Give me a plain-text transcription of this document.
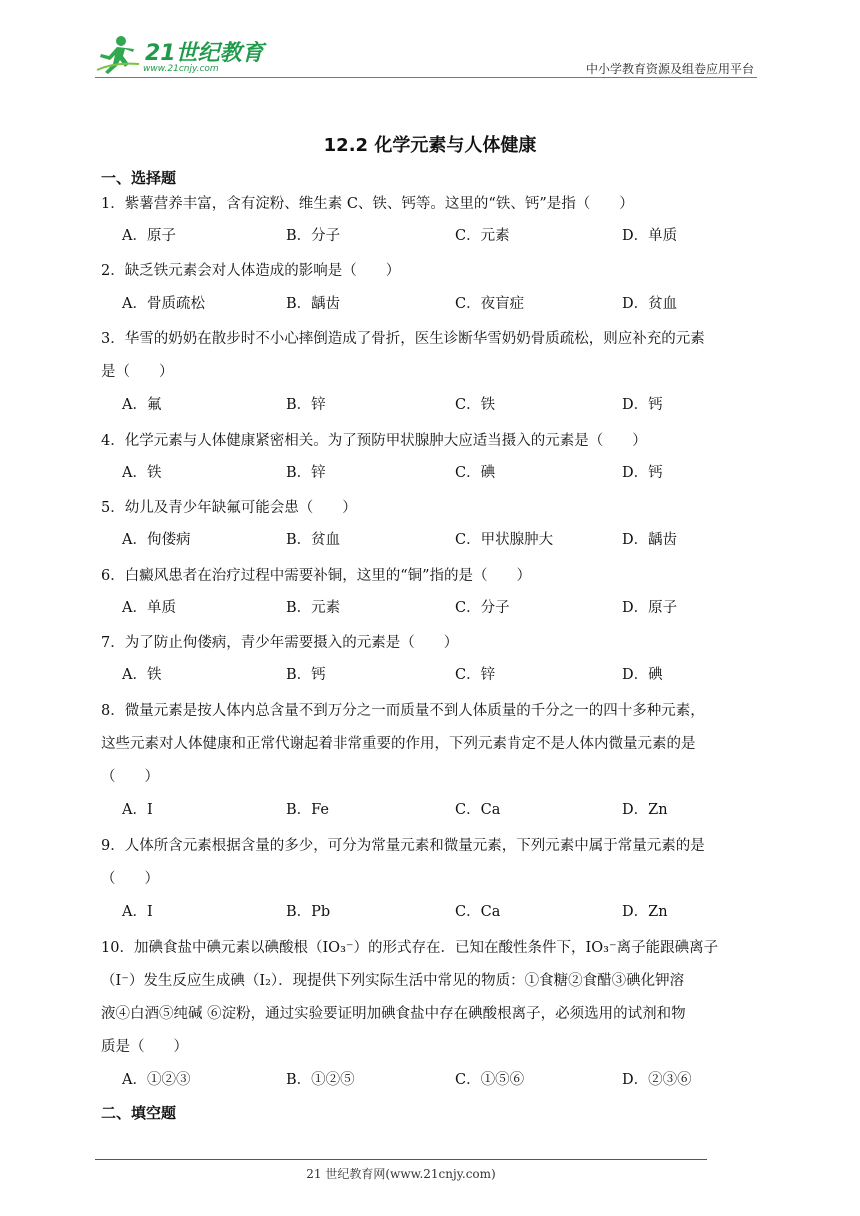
21世纪教育
www.21cnjy.com	中小学教育资源及组卷应用平台
12.2 化学元素与人体健康
一、选择题
1．紫薯营养丰富，含有淀粉、维生素 C、铁、钙等。这里的“铁、钙”是指（　　）
A．原子	B．分子	C．元素	D．单质
2．缺乏铁元素会对人体造成的影响是（　　）
A．骨质疏松	B．龋齿	C．夜盲症	D．贫血
3．华雪的奶奶在散步时不小心摔倒造成了骨折，医生诊断华雪奶奶骨质疏松，则应补充的元素
是（　　）
A．氟	B．锌	C．铁	D．钙
4．化学元素与人体健康紧密相关。为了预防甲状腺肿大应适当摄入的元素是（　　）
A．铁	B．锌	C．碘	D．钙
5．幼儿及青少年缺氟可能会患（　　）
A．佝偻病	B．贫血	C．甲状腺肿大	D．龋齿
6．白癜风患者在治疗过程中需要补铜，这里的“铜”指的是（　　）
A．单质	B．元素	C．分子	D．原子
7．为了防止佝偻病，青少年需要摄入的元素是（　　）
A．铁	B．钙	C．锌	D．碘
8．微量元素是按人体内总含量不到万分之一而质量不到人体质量的千分之一的四十多种元素，
这些元素对人体健康和正常代谢起着非常重要的作用，下列元素肯定不是人体内微量元素的是
（　　）
A．I	B．Fe	C．Ca	D．Zn
9．人体所含元素根据含量的多少，可分为常量元素和微量元素，下列元素中属于常量元素的是
（　　）
A．I	B．Pb	C．Ca	D．Zn
10．加碘食盐中碘元素以碘酸根（IO₃⁻）的形式存在．已知在酸性条件下，IO₃⁻离子能跟碘离子
（I⁻）发生反应生成碘（I₂）．现提供下列实际生活中常见的物质：①食糖②食醋③碘化钾溶
液④白酒⑤纯碱 ⑥淀粉，通过实验要证明加碘食盐中存在碘酸根离子，必须选用的试剂和物
质是（　　）
A．①②③	B．①②⑤	C．①⑤⑥	D．②③⑥
二、填空题
21 世纪教育网(www.21cnjy.com)
